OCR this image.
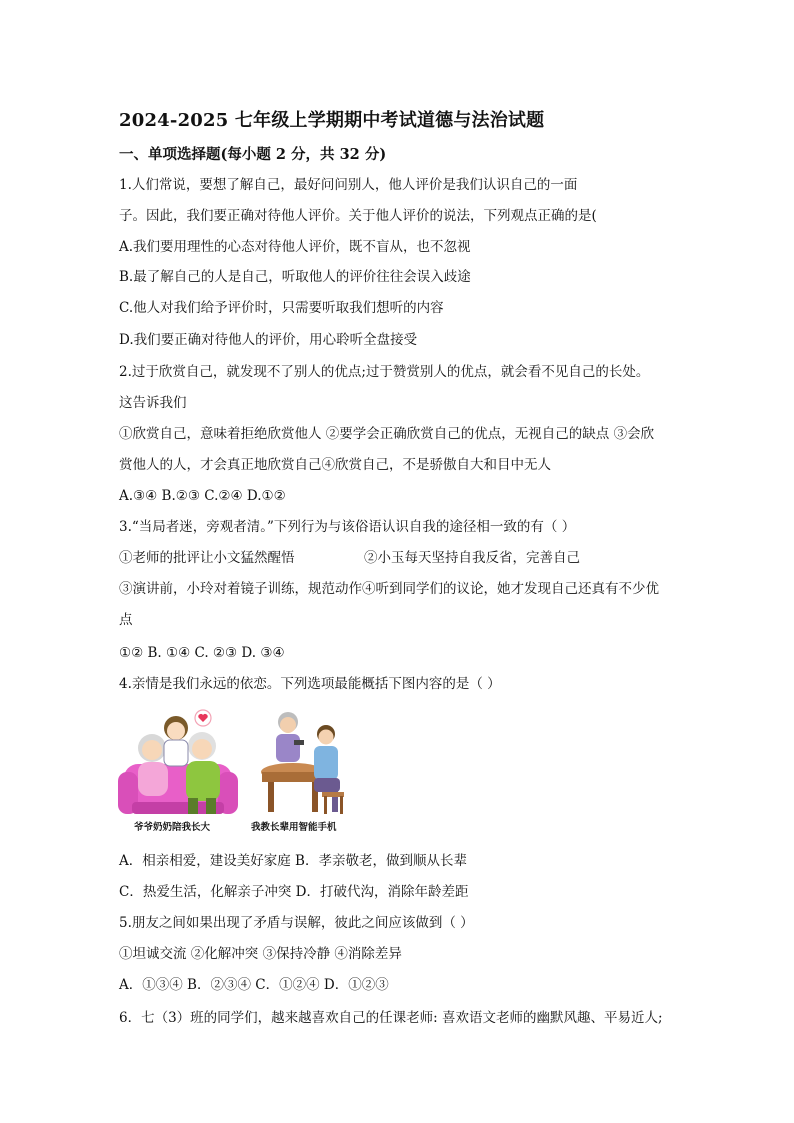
2024-2025 七年级上学期期中考试道德与法治试题
一、单项选择题(每小题 2 分，共 32 分)
1.人们常说，要想了解自己，最好问问别人，他人评价是我们认识自己的一面
子。因此，我们要正确对待他人评价。关于他人评价的说法，下列观点正确的是(
A.我们要用理性的心态对待他人评价，既不盲从，也不忽视
B.最了解自己的人是自己，听取他人的评价往往会误入歧途
C.他人对我们给予评价时，只需要听取我们想听的内容
D.我们要正确对待他人的评价，用心聆听全盘接受
2.过于欣赏自己，就发现不了别人的优点;过于赞赏别人的优点，就会看不见自己的长处。
这告诉我们
①欣赏自己，意味着拒绝欣赏他人 ②要学会正确欣赏自己的优点，无视自己的缺点 ③会欣
赏他人的人，才会真正地欣赏自己④欣赏自己，不是骄傲自大和目中无人
A.③④ B.②③ C.②④ D.①②
3.“当局者迷，旁观者清。”下列行为与该俗语认识自我的途径相一致的有（ ）
①老师的批评让小文猛然醒悟	②小玉每天坚持自我反省，完善自己
③演讲前，小玲对着镜子训练，规范动作④听到同学们的议论，她才发现自己还真有不少优
点
①② B. ①④ C. ②③ D. ③④
4.亲情是我们永远的依恋。下列选项最能概括下图内容的是（ ）
爷爷奶奶陪我长大	我教长辈用智能手机
A．相亲相爱，建设美好家庭 B．孝亲敬老，做到顺从长辈
C．热爱生活，化解亲子冲突 D．打破代沟，消除年龄差距
5.朋友之间如果出现了矛盾与误解，彼此之间应该做到（ ）
①坦诚交流 ②化解冲突 ③保持冷静 ④消除差异
A．①③④ B．②③④ C．①②④ D．①②③
6．七（3）班的同学们，越来越喜欢自己的任课老师: 喜欢语文老师的幽默风趣、平易近人;
